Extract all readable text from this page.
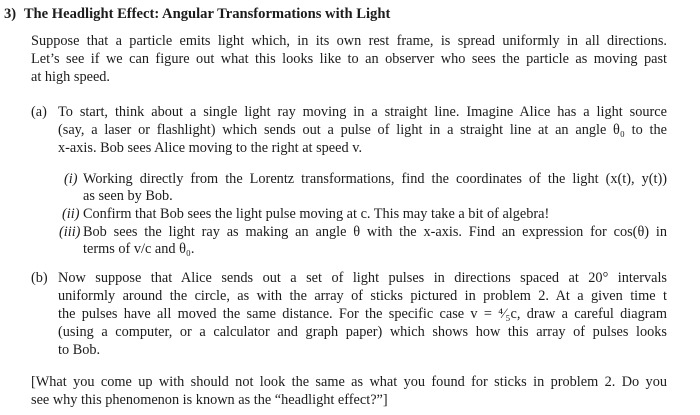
3) The Headlight Effect: Angular Transformations with Light
Suppose that a particle emits light which, in its own rest frame, is spread uniformly in all directions.
Let’s see if we can figure out what this looks like to an observer who sees the particle as moving past
at high speed.
(a) To start, think about a single light ray moving in a straight line. Imagine Alice has a light source
(say, a laser or flashlight) which sends out a pulse of light in a straight line at an angle θ₀ to the
x-axis. Bob sees Alice moving to the right at speed v.
(i) Working directly from the Lorentz transformations, find the coordinates of the light (x(t), y(t))
as seen by Bob.
(ii) Confirm that Bob sees the light pulse moving at c. This may take a bit of algebra!
(iii) Bob sees the light ray as making an angle θ with the x-axis. Find an expression for cos(θ) in
terms of v/c and θ₀.
(b) Now suppose that Alice sends out a set of light pulses in directions spaced at 20° intervals
uniformly around the circle, as with the array of sticks pictured in problem 2. At a given time t
the pulses have all moved the same distance. For the specific case v = ⁴⁄₅c, draw a careful diagram
(using a computer, or a calculator and graph paper) which shows how this array of pulses looks
to Bob.
[What you come up with should not look the same as what you found for sticks in problem 2. Do you
see why this phenomenon is known as the “headlight effect?”]
